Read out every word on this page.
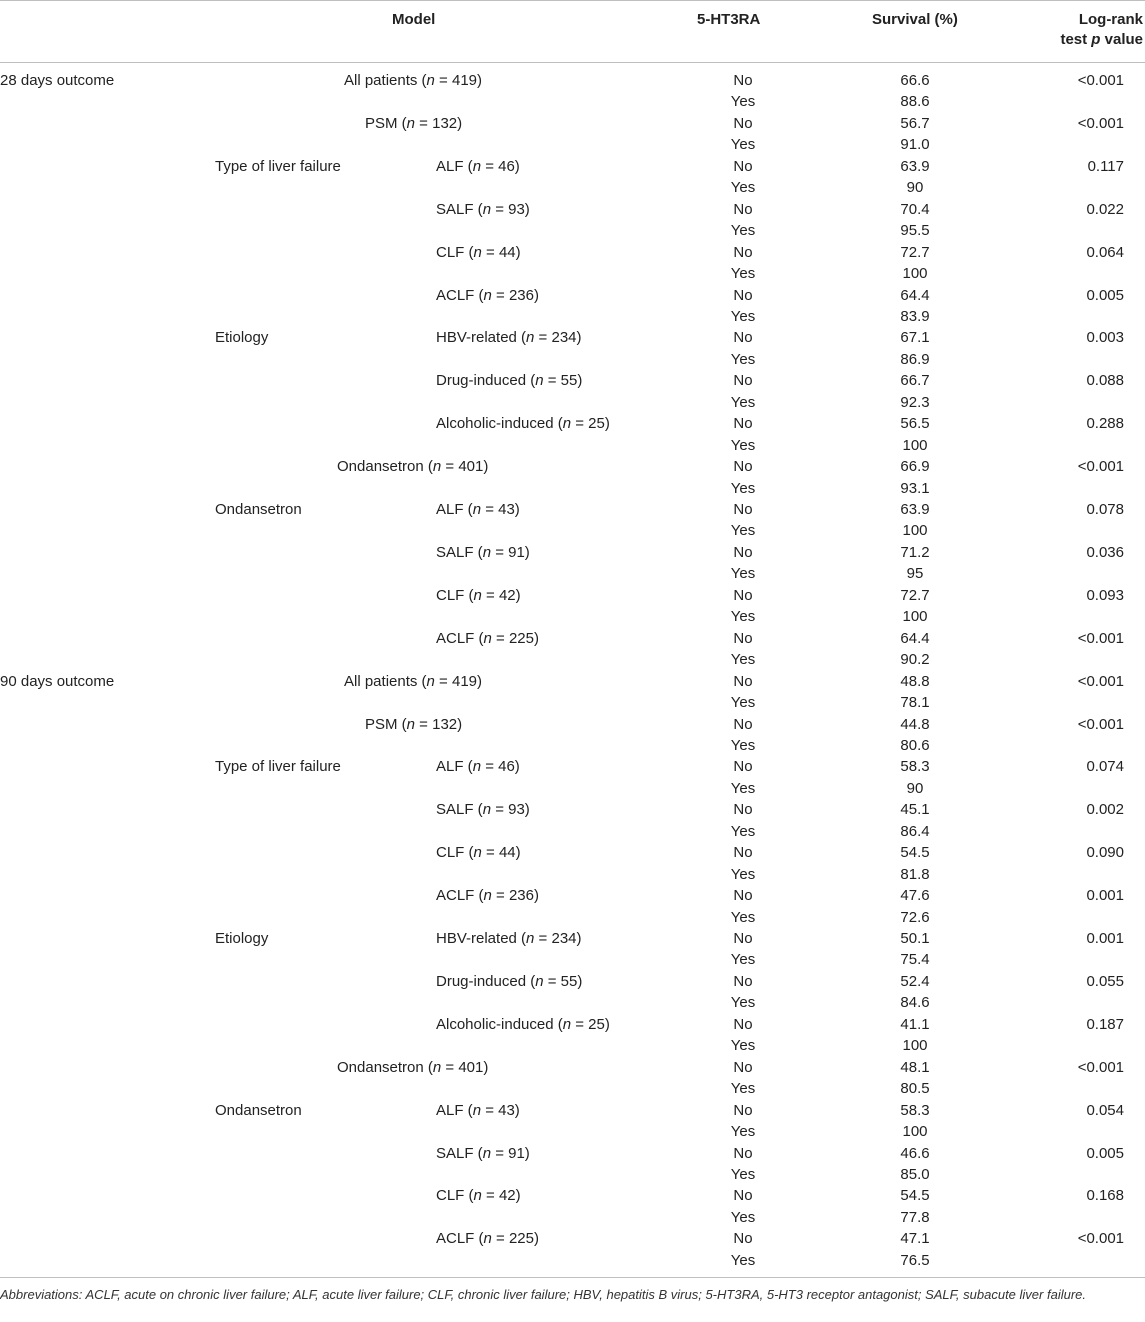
Model	5-HT3RA	Survival (%)	Log-rank
test p value
28 days outcome	All patients (n = 419)	No	66.6	<0.001
Yes	88.6
PSM (n = 132)	No	56.7	<0.001
Yes	91.0
Type of liver failure	ALF (n = 46)	No	63.9	0.117
Yes	90
SALF (n = 93)	No	70.4	0.022
Yes	95.5
CLF (n = 44)	No	72.7	0.064
Yes	100
ACLF (n = 236)	No	64.4	0.005
Yes	83.9
Etiology	HBV-related (n = 234)	No	67.1	0.003
Yes	86.9
Drug-induced (n = 55)	No	66.7	0.088
Yes	92.3
Alcoholic-induced (n = 25)	No	56.5	0.288
Yes	100
Ondansetron (n = 401)	No	66.9	<0.001
Yes	93.1
Ondansetron	ALF (n = 43)	No	63.9	0.078
Yes	100
SALF (n = 91)	No	71.2	0.036
Yes	95
CLF (n = 42)	No	72.7	0.093
Yes	100
ACLF (n = 225)	No	64.4	<0.001
Yes	90.2
90 days outcome	All patients (n = 419)	No	48.8	<0.001
Yes	78.1
PSM (n = 132)	No	44.8	<0.001
Yes	80.6
Type of liver failure	ALF (n = 46)	No	58.3	0.074
Yes	90
SALF (n = 93)	No	45.1	0.002
Yes	86.4
CLF (n = 44)	No	54.5	0.090
Yes	81.8
ACLF (n = 236)	No	47.6	0.001
Yes	72.6
Etiology	HBV-related (n = 234)	No	50.1	0.001
Yes	75.4
Drug-induced (n = 55)	No	52.4	0.055
Yes	84.6
Alcoholic-induced (n = 25)	No	41.1	0.187
Yes	100
Ondansetron (n = 401)	No	48.1	<0.001
Yes	80.5
Ondansetron	ALF (n = 43)	No	58.3	0.054
Yes	100
SALF (n = 91)	No	46.6	0.005
Yes	85.0
CLF (n = 42)	No	54.5	0.168
Yes	77.8
ACLF (n = 225)	No	47.1	<0.001
Yes	76.5
Abbreviations: ACLF, acute on chronic liver failure; ALF, acute liver failure; CLF, chronic liver failure; HBV, hepatitis B virus; 5-HT3RA, 5-HT3 receptor antagonist; SALF, subacute liver failure.
